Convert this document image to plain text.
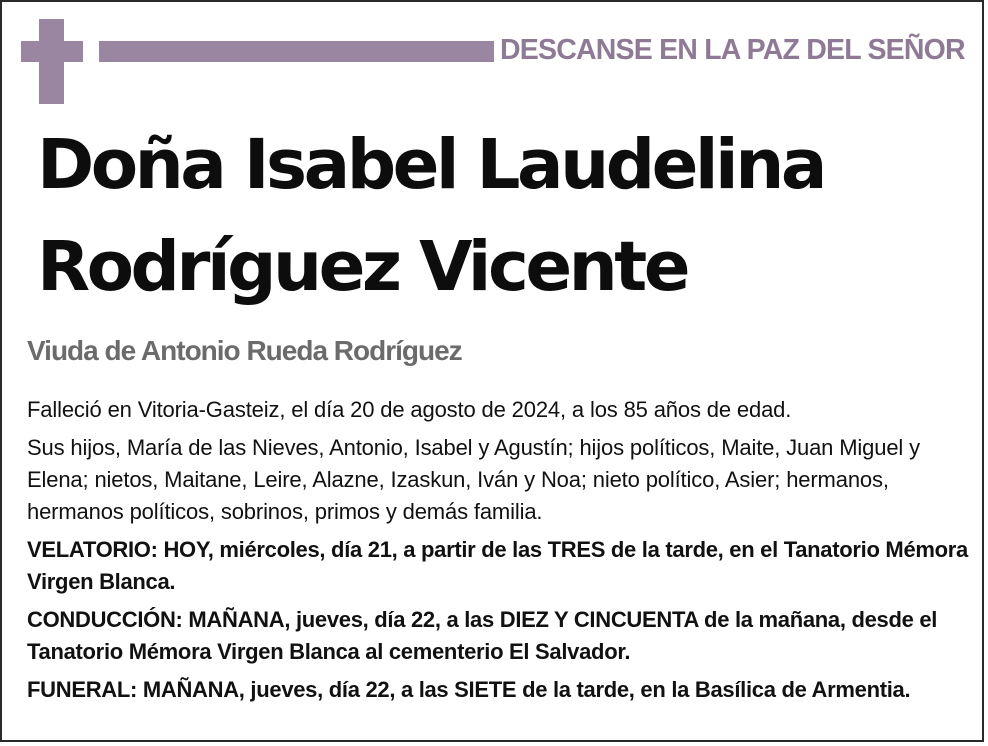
DESCANSE EN LA PAZ DEL SEÑOR
Doña Isabel Laudelina
Rodríguez Vicente
Viuda de Antonio Rueda Rodríguez

Falleció en Vitoria-Gasteiz, el día 20 de agosto de 2024, a los 85 años de edad.

Sus hijos, María de las Nieves, Antonio, Isabel y Agustín; hijos políticos, Maite, Juan Miguel y Elena; nietos, Maitane, Leire, Alazne, Izaskun, Iván y Noa; nieto político, Asier; hermanos, hermanos políticos, sobrinos, primos y demás familia.

VELATORIO: HOY, miércoles, día 21, a partir de las TRES de la tarde, en el Tanatorio Mémora Virgen Blanca.

CONDUCCIÓN: MAÑANA, jueves, día 22, a las DIEZ Y CINCUENTA de la mañana, desde el Tanatorio Mémora Virgen Blanca al cementerio El Salvador.

FUNERAL: MAÑANA, jueves, día 22, a las SIETE de la tarde, en la Basílica de Armentia.
